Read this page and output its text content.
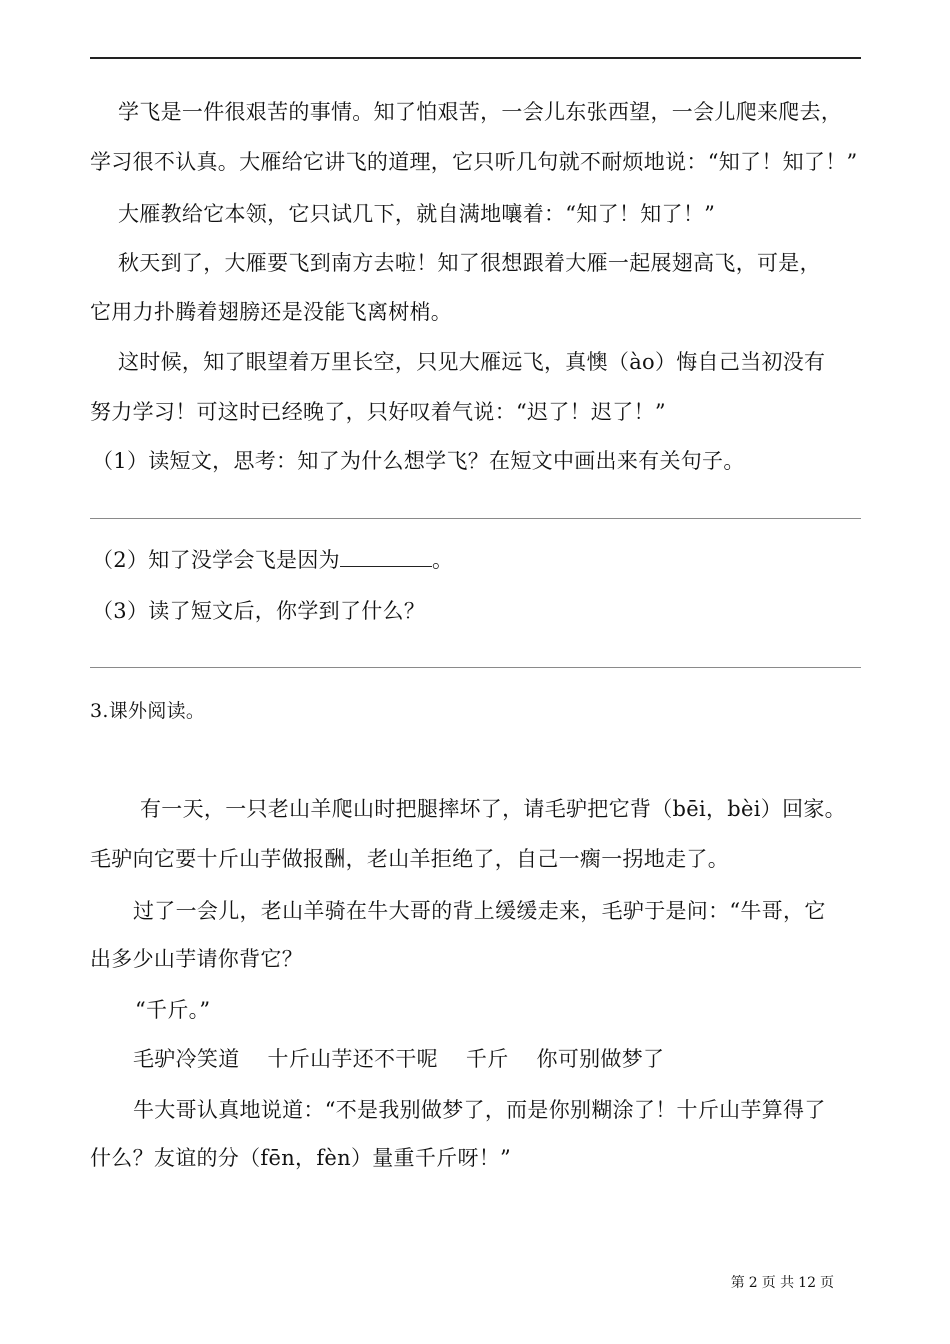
学飞是一件很艰苦的事情。知了怕艰苦，一会儿东张西望，一会儿爬来爬去，
学习很不认真。大雁给它讲飞的道理，它只听几句就不耐烦地说：“知了！知了！”
大雁教给它本领，它只试几下，就自满地嚷着：“知了！知了！”
秋天到了，大雁要飞到南方去啦！知了很想跟着大雁一起展翅高飞，可是，
它用力扑腾着翅膀还是没能飞离树梢。
这时候，知了眼望着万里长空，只见大雁远飞，真懊（ào）悔自己当初没有
努力学习！可这时已经晚了，只好叹着气说：“迟了！迟了！”
（1）读短文，思考：知了为什么想学飞？在短文中画出来有关句子。
（2）知了没学会飞是因为	。
（3）读了短文后，你学到了什么？
3.课外阅读。
有一天，一只老山羊爬山时把腿摔坏了，请毛驴把它背（bēi，bèi）回家。
毛驴向它要十斤山芋做报酬，老山羊拒绝了，自己一瘸一拐地走了。
过了一会儿，老山羊骑在牛大哥的背上缓缓走来，毛驴于是问：“牛哥，它
出多少山芋请你背它？
“千斤。”
毛驴冷笑道 十斤山芋还不干呢 千斤 你可别做梦了
牛大哥认真地说道：“不是我别做梦了，而是你别糊涂了！十斤山芋算得了
什么？友谊的分（fēn，fèn）量重千斤呀！”
第 2 页 共 12 页
